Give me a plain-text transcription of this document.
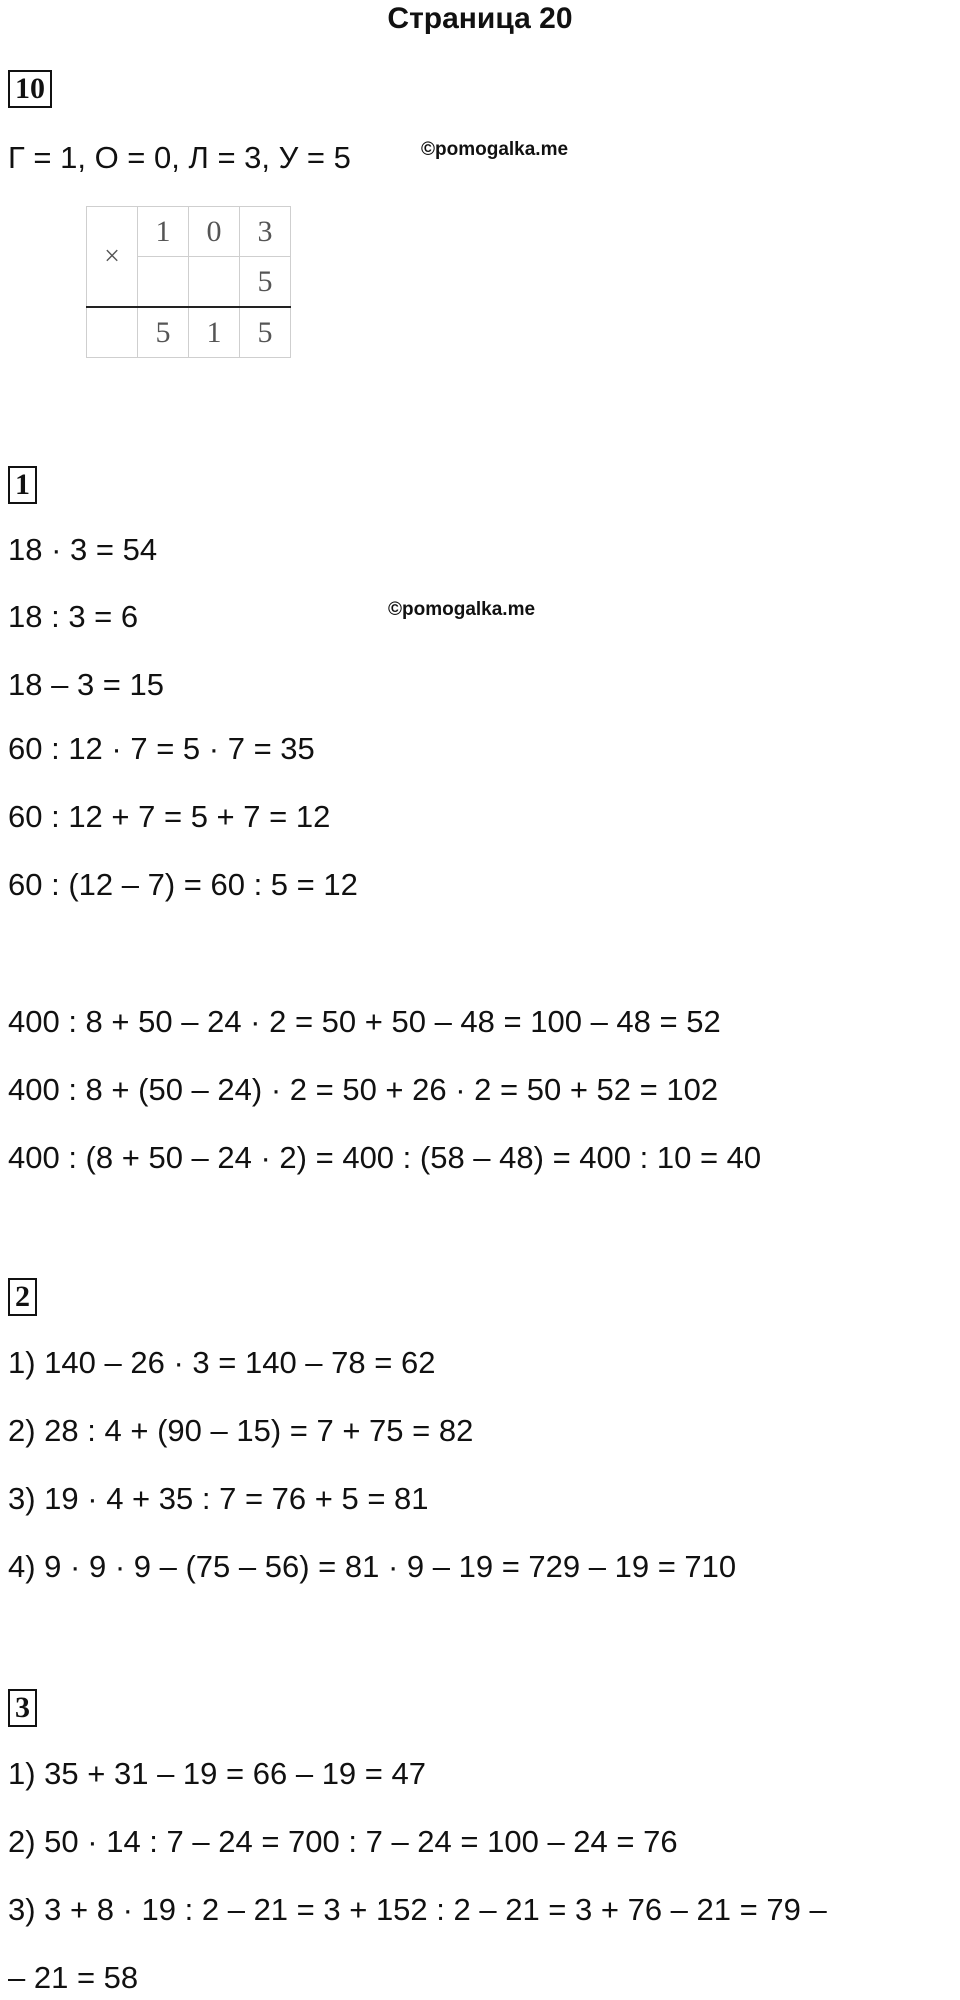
Страница 20
10
Г = 1, О = 0, Л = 3, У = 5	©pomogalka.me
×	1	0	3
			5
	5	1	5
1
18 · 3 = 54
18 : 3 = 6	©pomogalka.me
18 – 3 = 15
60 : 12 · 7 = 5 · 7 = 35
60 : 12 + 7 = 5 + 7 = 12
60 : (12 – 7) = 60 : 5 = 12
400 : 8 + 50 – 24 · 2 = 50 + 50 – 48 = 100 – 48 = 52
400 : 8 + (50 – 24) · 2 = 50 + 26 · 2 = 50 + 52 = 102
400 : (8 + 50 – 24 · 2) = 400 : (58 – 48) = 400 : 10 = 40
2
1) 140 – 26 · 3 = 140 – 78 = 62
2) 28 : 4 + (90 – 15) = 7 + 75 = 82
3) 19 · 4 + 35 : 7 = 76 + 5 = 81
4) 9 · 9 · 9 – (75 – 56) = 81 · 9 – 19 = 729 – 19 = 710
3
1) 35 + 31 – 19 = 66 – 19 = 47
2) 50 · 14 : 7 – 24 = 700 : 7 – 24 = 100 – 24 = 76
3) 3 + 8 · 19 : 2 – 21 = 3 + 152 : 2 – 21 = 3 + 76 – 21 = 79 –
– 21 = 58
